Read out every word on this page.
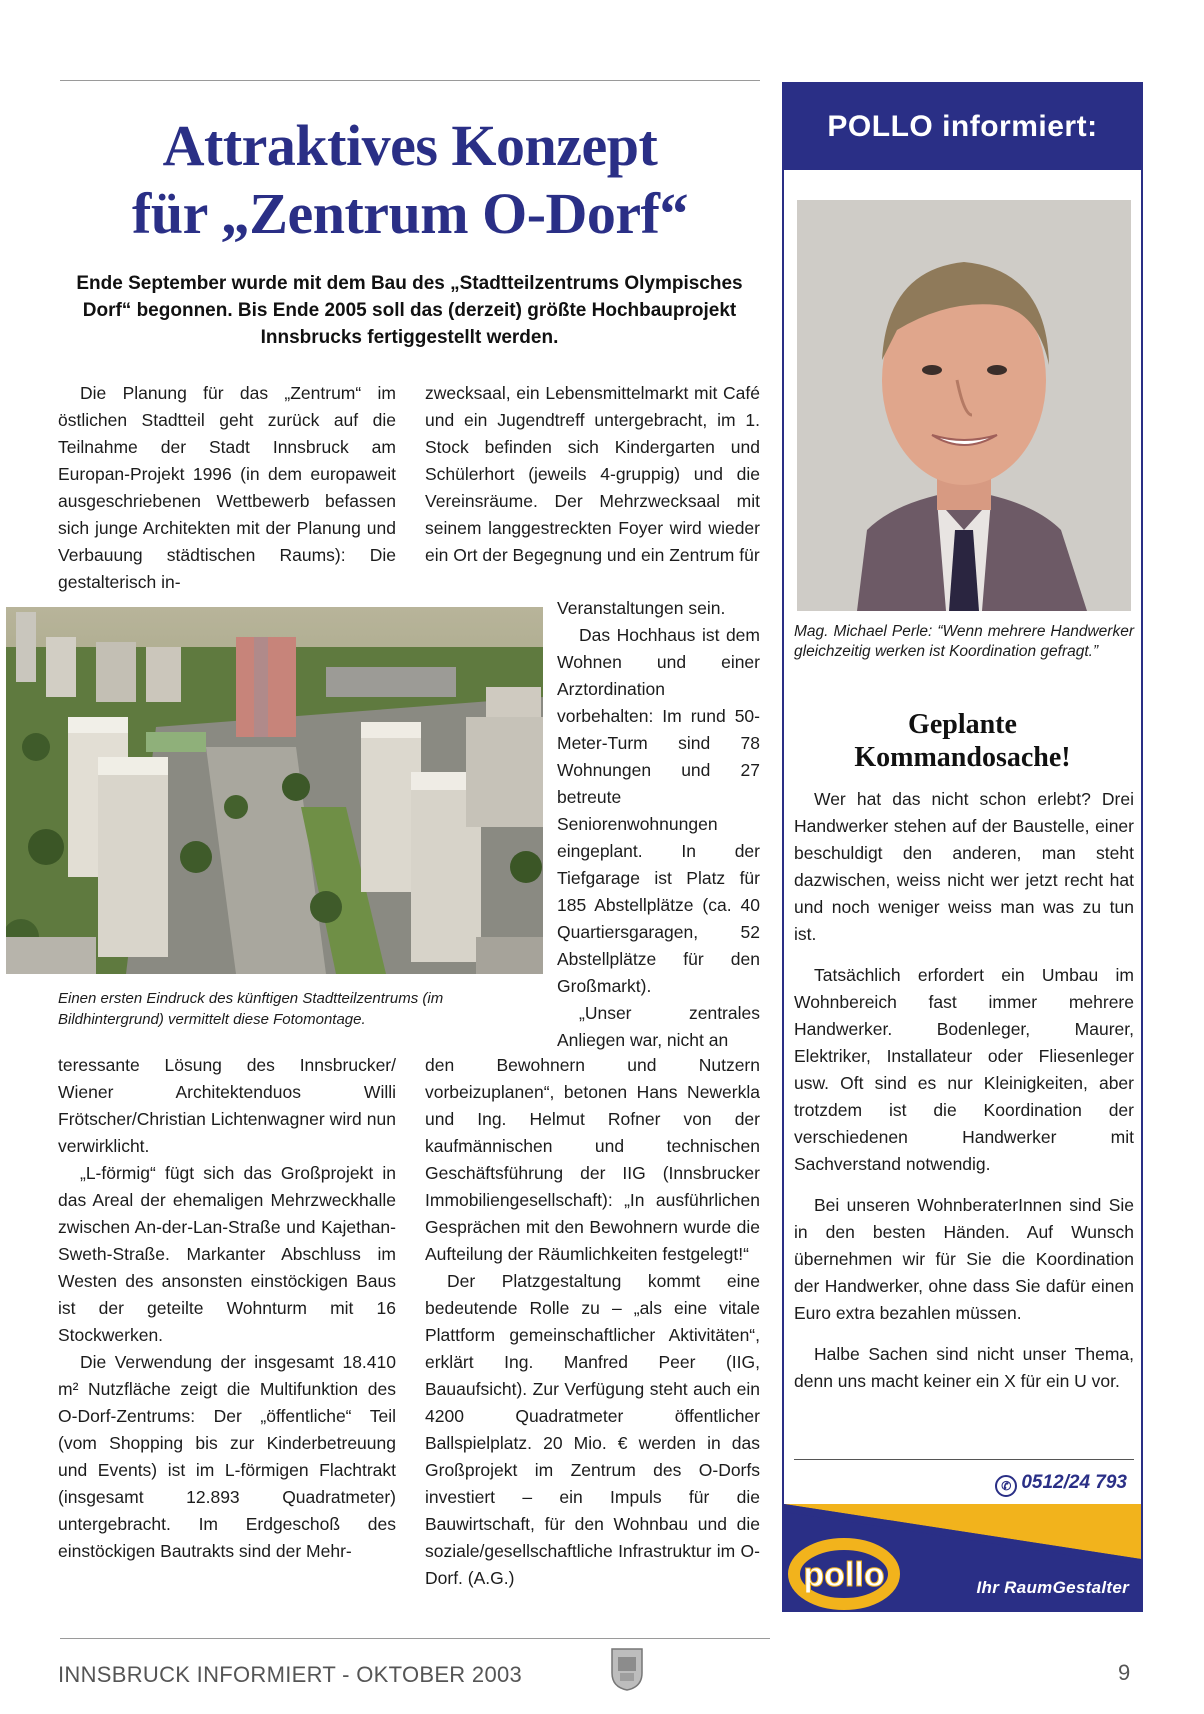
Attraktives Konzept
für „Zentrum O-Dorf“

Ende September wurde mit dem Bau des „Stadtteilzentrums Olympisches Dorf“ begonnen. Bis Ende 2005 soll das (derzeit) größte Hochbauprojekt Innsbrucks fertiggestellt werden.

Die Planung für das „Zentrum“ im östlichen Stadtteil geht zurück auf die Teilnahme der Stadt Innsbruck am Europan-Projekt 1996 (in dem europaweit ausgeschriebenen Wettbewerb befassen sich junge Architekten mit der Planung und Verbauung städtischen Raums): Die gestalterisch in-

Einen ersten Eindruck des künftigen Stadtteilzentrums (im Bildhintergrund) vermittelt diese Fotomontage.

teressante Lösung des Innsbrucker/ Wiener Architektenduos Willi Frötscher/Christian Lichtenwagner wird nun verwirklicht.

„L-förmig“ fügt sich das Großprojekt in das Areal der ehemaligen Mehrzweckhalle zwischen An-der-Lan-Straße und Kajethan-Sweth-Straße. Markanter Abschluss im Westen des ansonsten einstöckigen Baus ist der geteilte Wohnturm mit 16 Stockwerken.

Die Verwendung der insgesamt 18.410 m² Nutzfläche zeigt die Multifunktion des O-Dorf-Zentrums: Der „öffentliche“ Teil (vom Shopping bis zur Kinderbetreuung und Events) ist im L-förmigen Flachtrakt (insgesamt 12.893 Quadratmeter) untergebracht. Im Erdgeschoß des einstöckigen Bautrakts sind der Mehr-

zwecksaal, ein Lebensmittelmarkt mit Café und ein Jugendtreff untergebracht, im 1. Stock befinden sich Kindergarten und Schülerhort (jeweils 4-gruppig) und die Vereinsräume. Der Mehrzwecksaal mit seinem langgestreckten Foyer wird wieder ein Ort der Begegnung und ein Zentrum für

Veranstaltungen sein.

Das Hochhaus ist dem Wohnen und einer Arztordination vorbehalten: Im rund 50-Meter-Turm sind 78 Wohnungen und 27 betreute Seniorenwohnungen eingeplant. In der Tiefgarage ist Platz für 185 Abstellplätze (ca. 40 Quartiersgaragen, 52 Abstellplätze für den Großmarkt).

„Unser zentrales Anliegen war, nicht an

den Bewohnern und Nutzern vorbeizuplanen“, betonen Hans Newerkla und Ing. Helmut Rofner von der kaufmännischen und technischen Geschäftsführung der IIG (Innsbrucker Immobiliengesellschaft): „In ausführlichen Gesprächen mit den Bewohnern wurde die Aufteilung der Räumlichkeiten festgelegt!“

Der Platzgestaltung kommt eine bedeutende Rolle zu – „als eine vitale Plattform gemeinschaftlicher Aktivitäten“, erklärt Ing. Manfred Peer (IIG, Bauaufsicht). Zur Verfügung steht auch ein 4200 Quadratmeter öffentlicher Ballspielplatz. 20 Mio. € werden in das Großprojekt im Zentrum des O-Dorfs investiert – ein Impuls für die Bauwirtschaft, für den Wohnbau und die soziale/gesellschaftliche Infrastruktur im O-Dorf. (A.G.)

POLLO informiert:

Mag. Michael Perle: “Wenn mehrere Handwerker gleichzeitig werken ist Koordination gefragt.”

Geplante
Kommandosache!

Wer hat das nicht schon erlebt? Drei Handwerker stehen auf der Baustelle, einer beschuldigt den anderen, man steht dazwischen, weiss nicht wer jetzt recht hat und noch weniger weiss man was zu tun ist.

Tatsächlich erfordert ein Umbau im Wohnbereich fast immer mehrere Handwerker. Bodenleger, Maurer, Elektriker, Installateur oder Fliesenleger usw. Oft sind es nur Kleinigkeiten, aber trotzdem ist die Koordination der verschiedenen Handwerker mit Sachverstand notwendig.

Bei unseren WohnberaterInnen sind Sie in den besten Händen. Auf Wunsch übernehmen wir für Sie die Koordination der Handwerker, ohne dass Sie dafür einen Euro extra bezahlen müssen.

Halbe Sachen sind nicht unser Thema, denn uns macht keiner ein X für ein U vor.

✆ 0512/24 793
pollo	Ihr RaumGestalter
INNSBRUCK INFORMIERT - OKTOBER 2003	9
